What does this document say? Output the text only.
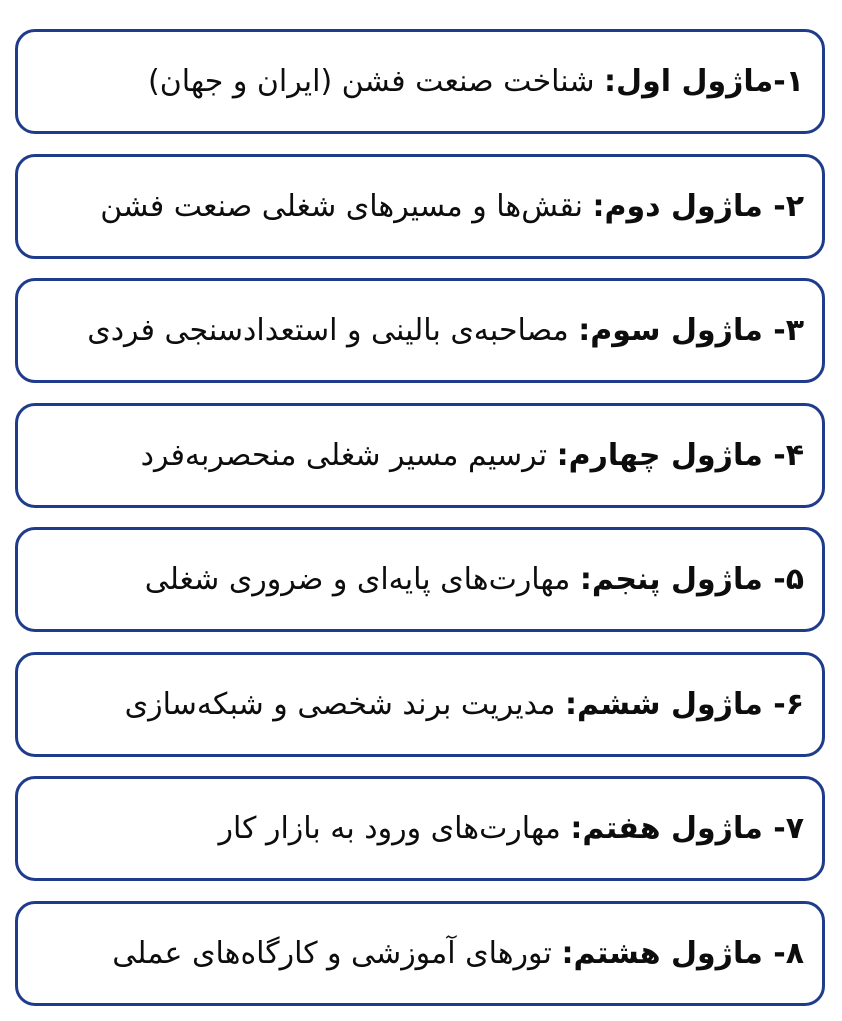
۱-ماژول اول: شناخت صنعت فشن (ایران و جهان)
۲- ماژول دوم: نقش‌ها و مسیرهای شغلی صنعت فشن
۳- ماژول سوم: مصاحبه‌ی بالینی و استعدادسنجی فردی
۴- ماژول چهارم: ترسیم مسیر شغلی منحصربه‌فرد
۵- ماژول پنجم: مهارت‌های پایه‌ای و ضروری شغلی
۶- ماژول ششم: مدیریت برند شخصی و شبکه‌سازی
۷- ماژول هفتم: مهارت‌های ورود به بازار کار
۸- ماژول هشتم: تورهای آموزشی و کارگاه‌های عملی
